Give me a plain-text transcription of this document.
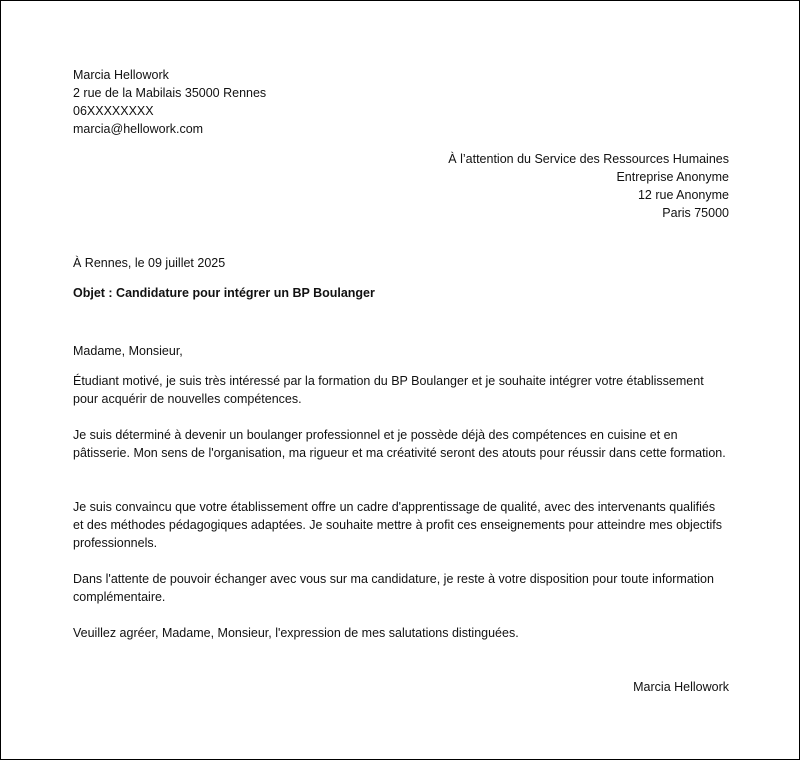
Marcia Hellowork
2 rue de la Mabilais 35000 Rennes
06XXXXXXXX
marcia@hellowork.com
À l’attention du Service des Ressources Humaines
Entreprise Anonyme
12 rue Anonyme
Paris 75000
À Rennes, le 09 juillet 2025
Objet : Candidature pour intégrer un BP Boulanger
Madame, Monsieur,
Étudiant motivé, je suis très intéressé par la formation du BP Boulanger et je souhaite intégrer votre établissement pour acquérir de nouvelles compétences.
Je suis déterminé à devenir un boulanger professionnel et je possède déjà des compétences en cuisine et en pâtisserie. Mon sens de l'organisation, ma rigueur et ma créativité seront des atouts pour réussir dans cette formation.
Je suis convaincu que votre établissement offre un cadre d'apprentissage de qualité, avec des intervenants qualifiés et des méthodes pédagogiques adaptées. Je souhaite mettre à profit ces enseignements pour atteindre mes objectifs professionnels.
Dans l'attente de pouvoir échanger avec vous sur ma candidature, je reste à votre disposition pour toute information complémentaire.
Veuillez agréer, Madame, Monsieur, l'expression de mes salutations distinguées.
Marcia Hellowork
